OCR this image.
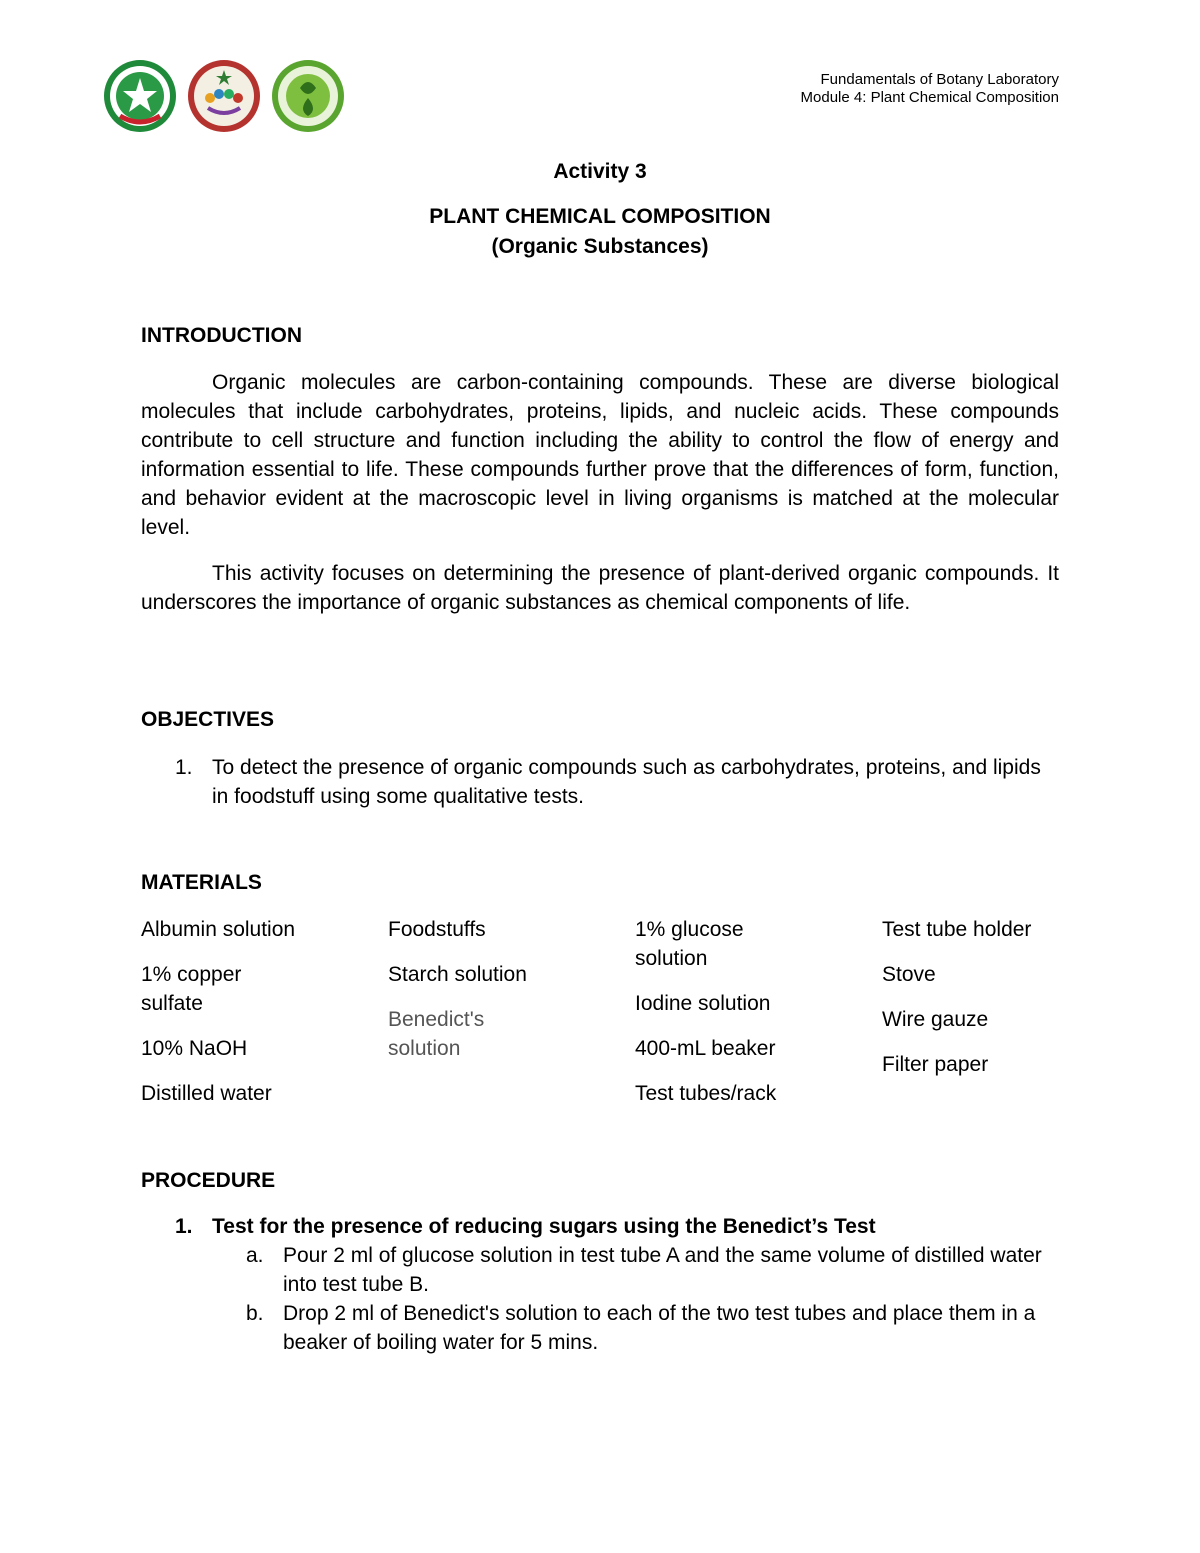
Fundamentals of Botany Laboratory
Module 4: Plant Chemical Composition
Activity 3
PLANT CHEMICAL COMPOSITION
(Organic Substances)
INTRODUCTION

Organic molecules are carbon-containing compounds. These are diverse biological molecules that include carbohydrates, proteins, lipids, and nucleic acids. These compounds contribute to cell structure and function including the ability to control the flow of energy and information essential to life. These compounds further prove that the differences of form, function, and behavior evident at the macroscopic level in living organisms is matched at the molecular level.

This activity focuses on determining the presence of plant-derived organic compounds. It underscores the importance of organic substances as chemical components of life.

OBJECTIVES
1. To detect the presence of organic compounds such as carbohydrates, proteins, and lipids in foodstuff using some qualitative tests.
MATERIALS
Albumin solution
1% copper sulfate
10% NaOH
Distilled water
Foodstuffs
Starch solution
Benedict's solution
1% glucose solution
Iodine solution
400-mL beaker
Test tubes/rack
Test tube holder
Stove
Wire gauze
Filter paper
PROCEDURE
1. Test for the presence of reducing sugars using the Benedict’s Test
a. Pour 2 ml of glucose solution in test tube A and the same volume of distilled water into test tube B.
b. Drop 2 ml of Benedict's solution to each of the two test tubes and place them in a beaker of boiling water for 5 mins.
